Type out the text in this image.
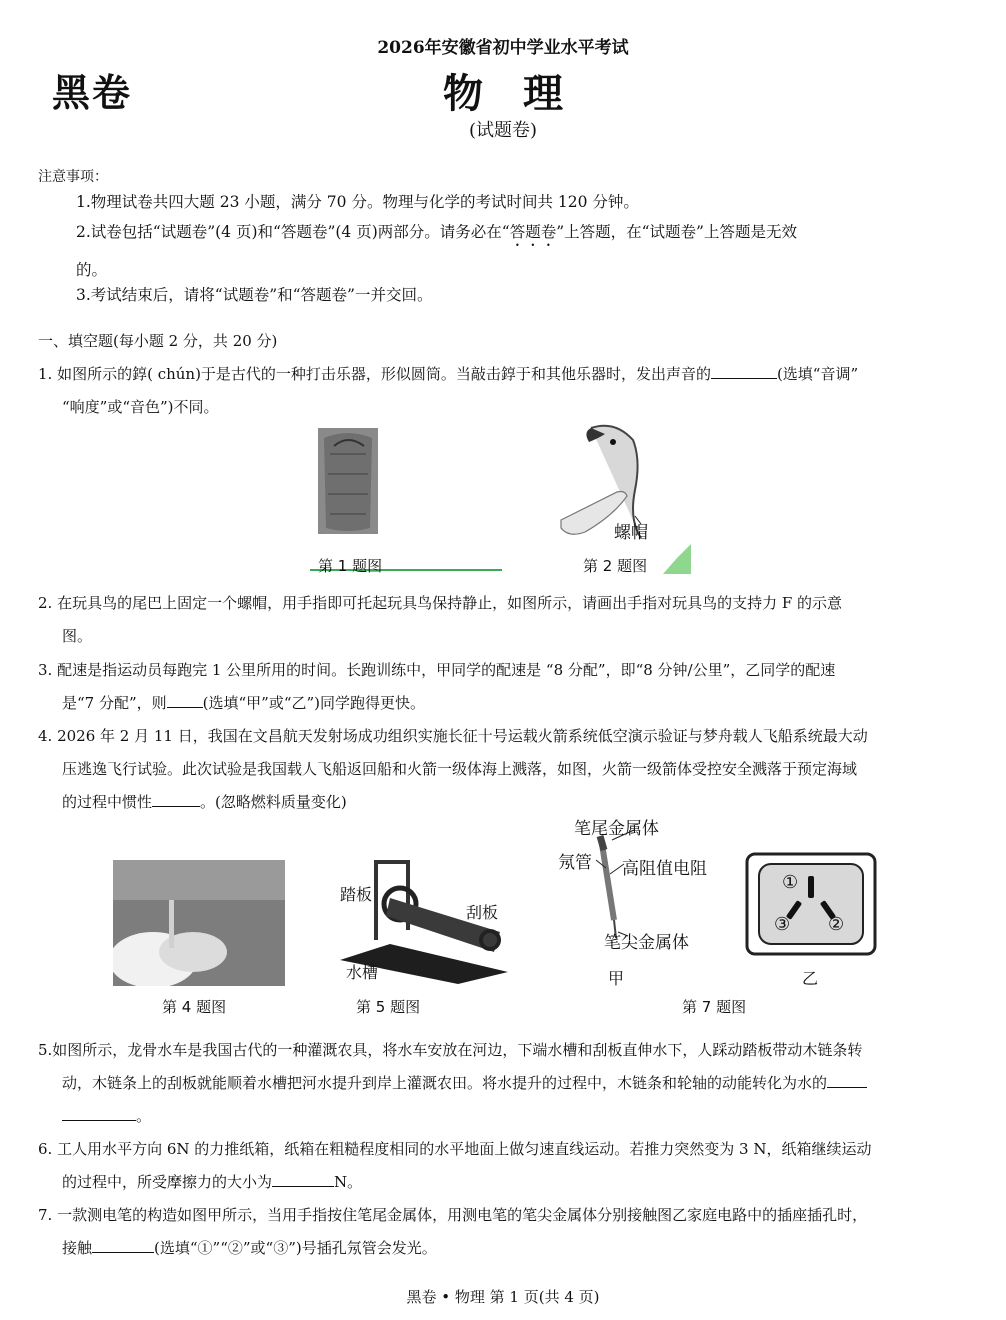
2026年安徽省初中学业水平考试
黑卷	物理
(试题卷)
注意事项：
1.物理试卷共四大题 23 小题，满分 70 分。物理与化学的考试时间共 120 分钟。
2.试卷包括“试题卷”(4 页)和“答题卷”(4 页)两部分。请务必在“答题卷”上答题，在“试题卷”上答题是无效
的。
3.考试结束后，请将“试题卷”和“答题卷”一并交回。
一、填空题(每小题 2 分，共 20 分)
1. 如图所示的錞( chún)于是古代的一种打击乐器，形似圆筒。当敲击錞于和其他乐器时，发出声音的	(选填“音调”
“响度”或“音色”)不同。
第 1 题图
螺帽
第 2 题图
2. 在玩具鸟的尾巴上固定一个螺帽，用手指即可托起玩具鸟保持静止，如图所示，请画出手指对玩具鸟的支持力 F 的示意
图。
3. 配速是指运动员每跑完 1 公里所用的时间。长跑训练中，甲同学的配速是 “8 分配”，即“8 分钟/公里”，乙同学的配速
是“7 分配”，则 (选填“甲”或“乙”)同学跑得更快。
4. 2026 年 2 月 11 日，我国在文昌航天发射场成功组织实施长征十号运载火箭系统低空演示验证与梦舟载人飞船系统最大动
压逃逸飞行试验。此次试验是我国载人飞船返回船和火箭一级体海上溅落，如图，火箭一级箭体受控安全溅落于预定海域
的过程中惯性	。(忽略燃料质量变化)
第 4 题图
踏板
刮板
水槽
第 5 题图
笔尾金属体
氖管 高阻值电阻
笔尖金属体
甲
①
③ ②
乙
第 7 题图
5.如图所示，龙骨水车是我国古代的一种灌溉农具，将水车安放在河边，下端水槽和刮板直伸水下，人踩动踏板带动木链条转
动，木链条上的刮板就能顺着水槽把河水提升到岸上灌溉农田。将水提升的过程中，木链条和轮轴的动能转化为水的
。
6. 工人用水平方向 6N 的力推纸箱，纸箱在粗糙程度相同的水平地面上做匀速直线运动。若推力突然变为 3 N，纸箱继续运动
的过程中，所受摩擦力的大小为	N。
7. 一款测电笔的构造如图甲所示，当用手指按住笔尾金属体，用测电笔的笔尖金属体分别接触图乙家庭电路中的插座插孔时，
接触	(选填“①”“②”或“③”)号插孔氖管会发光。
黑卷 • 物理 第 1 页(共 4 页)
